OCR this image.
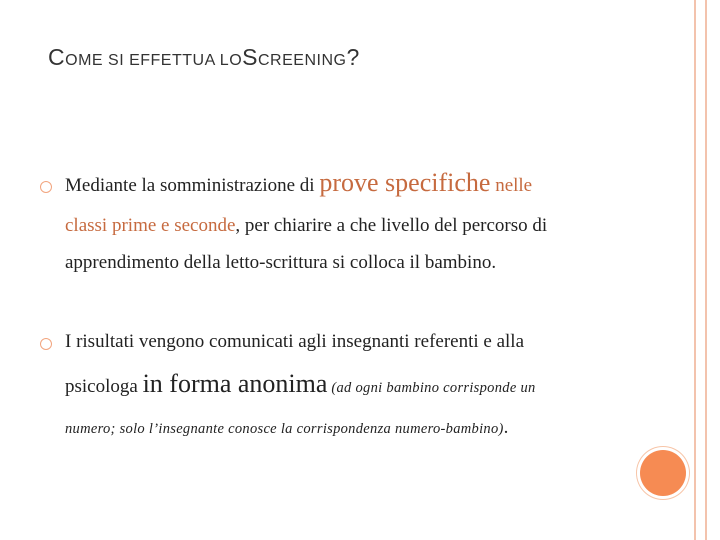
COME SI EFFETTUA LOSCREENING?
Mediante la somministrazione di prove specifiche nelle
classi prime e seconde, per chiarire a che livello del percorso di
apprendimento della letto-scrittura si colloca il bambino.
I risultati vengono comunicati agli insegnanti referenti e alla
psicologa in forma anonima (ad ogni bambino corrisponde un
numero; solo l’insegnante conosce la corrispondenza numero-bambino).
